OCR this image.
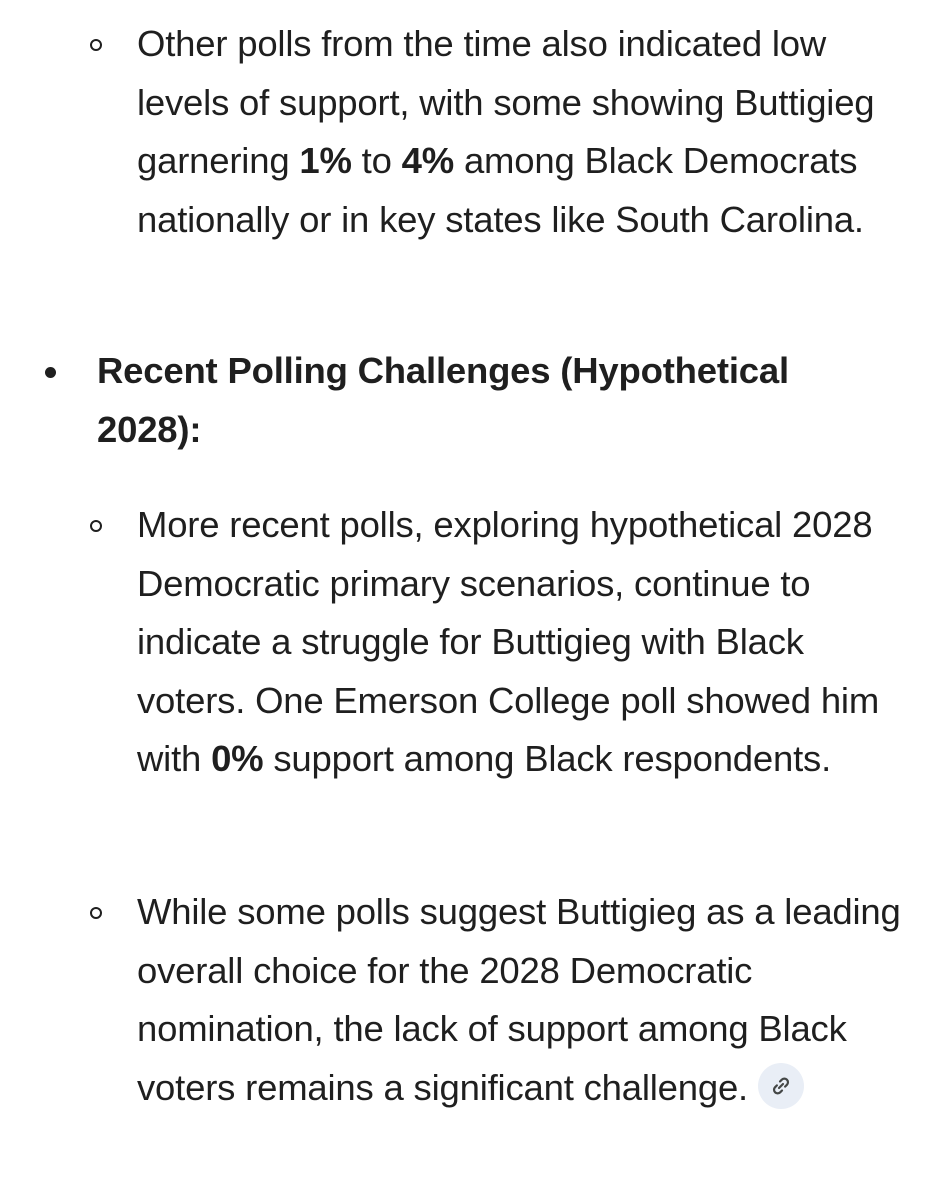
Other polls from the time also indicated low levels of support, with some showing Buttigieg garnering 1% to 4% among Black Democrats nationally or in key states like South Carolina.
Recent Polling Challenges (Hypothetical 2028):
More recent polls, exploring hypothetical 2028 Democratic primary scenarios, continue to indicate a struggle for Buttigieg with Black voters. One Emerson College poll showed him with 0% support among Black respondents.
While some polls suggest Buttigieg as a leading overall choice for the 2028 Democratic nomination, the lack of support among Black voters remains a significant challenge.
